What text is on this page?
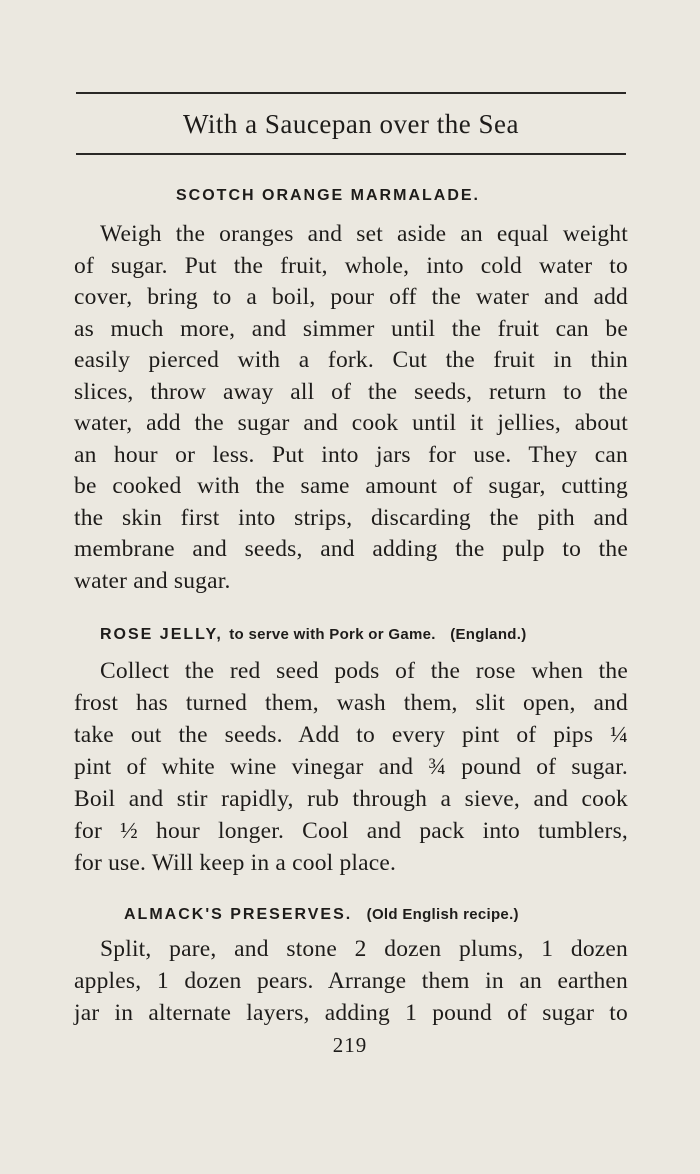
With a Saucepan over the Sea
SCOTCH ORANGE MARMALADE.
Weigh the oranges and set aside an equal weight
of sugar. Put the fruit, whole, into cold water to
cover, bring to a boil, pour off the water and add
as much more, and simmer until the fruit can be
easily pierced with a fork. Cut the fruit in thin
slices, throw away all of the seeds, return to the
water, add the sugar and cook until it jellies, about
an hour or less. Put into jars for use. They can
be cooked with the same amount of sugar, cutting
the skin first into strips, discarding the pith and
membrane and seeds, and adding the pulp to the
water and sugar.
ROSE JELLY, to serve with Pork or Game. (England.)
Collect the red seed pods of the rose when the
frost has turned them, wash them, slit open, and
take out the seeds. Add to every pint of pips ¼
pint of white wine vinegar and ¾ pound of sugar.
Boil and stir rapidly, rub through a sieve, and cook
for ½ hour longer. Cool and pack into tumblers,
for use. Will keep in a cool place.
ALMACK'S PRESERVES. (Old English recipe.)
Split, pare, and stone 2 dozen plums, 1 dozen
apples, 1 dozen pears. Arrange them in an earthen
jar in alternate layers, adding 1 pound of sugar to
219
